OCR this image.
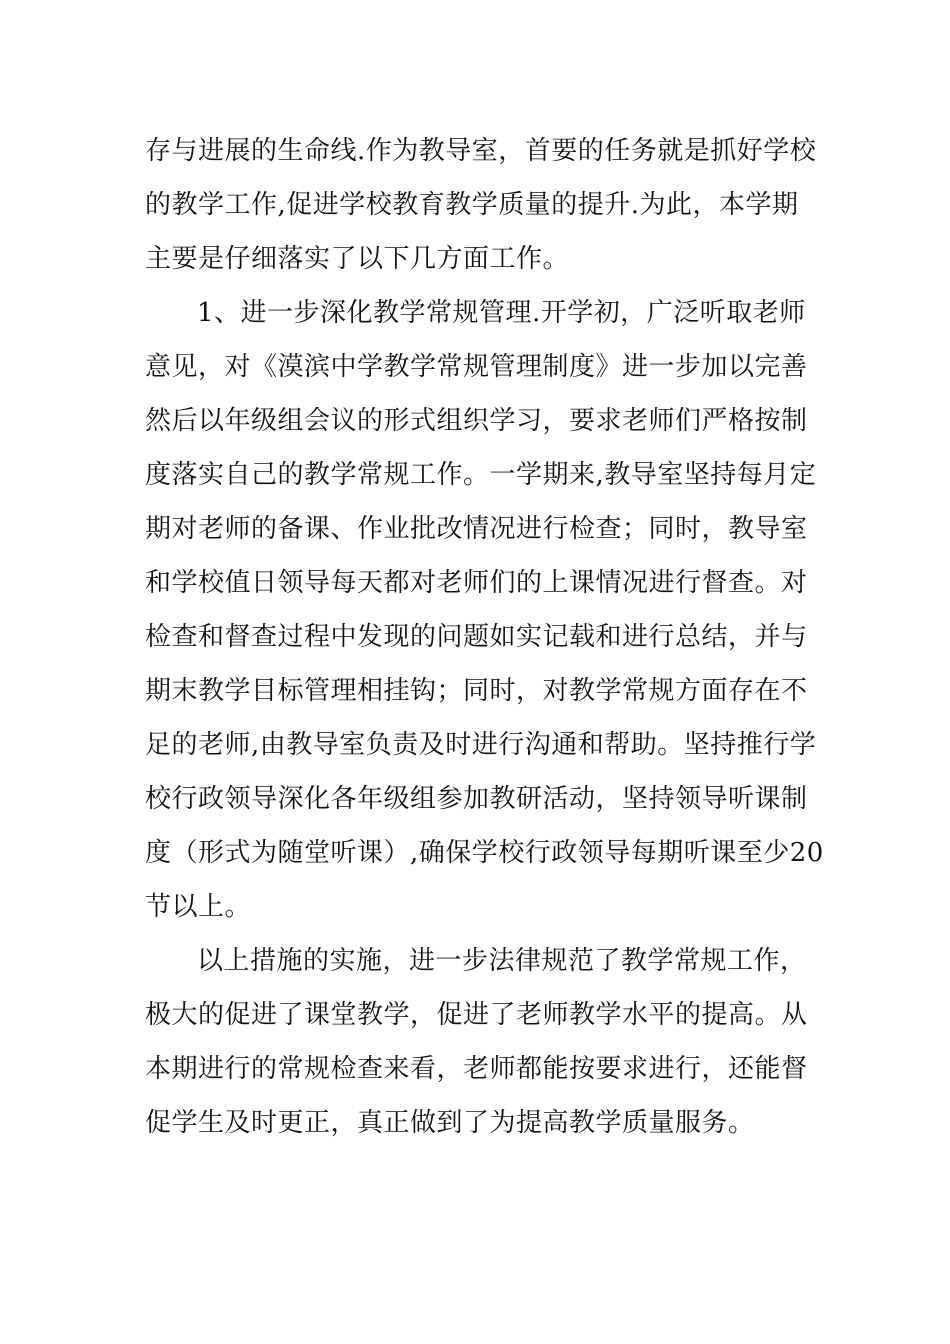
存与进展的生命线.作为教导室，首要的任务就是抓好学校
的教学工作,促进学校教育教学质量的提升.为此，本学期
主要是仔细落实了以下几方面工作。
1、进一步深化教学常规管理.开学初，广泛听取老师
意见，对《漠滨中学教学常规管理制度》进一步加以完善
然后以年级组会议的形式组织学习，要求老师们严格按制
度落实自己的教学常规工作。一学期来,教导室坚持每月定
期对老师的备课、作业批改情况进行检查；同时，教导室
和学校值日领导每天都对老师们的上课情况进行督查。对
检查和督查过程中发现的问题如实记载和进行总结，并与
期末教学目标管理相挂钩；同时，对教学常规方面存在不
足的老师,由教导室负责及时进行沟通和帮助。坚持推行学
校行政领导深化各年级组参加教研活动，坚持领导听课制
度（形式为随堂听课）,确保学校行政领导每期听课至少20
节以上。
以上措施的实施，进一步法律规范了教学常规工作，
极大的促进了课堂教学，促进了老师教学水平的提高。从
本期进行的常规检查来看，老师都能按要求进行，还能督
促学生及时更正，真正做到了为提高教学质量服务。
